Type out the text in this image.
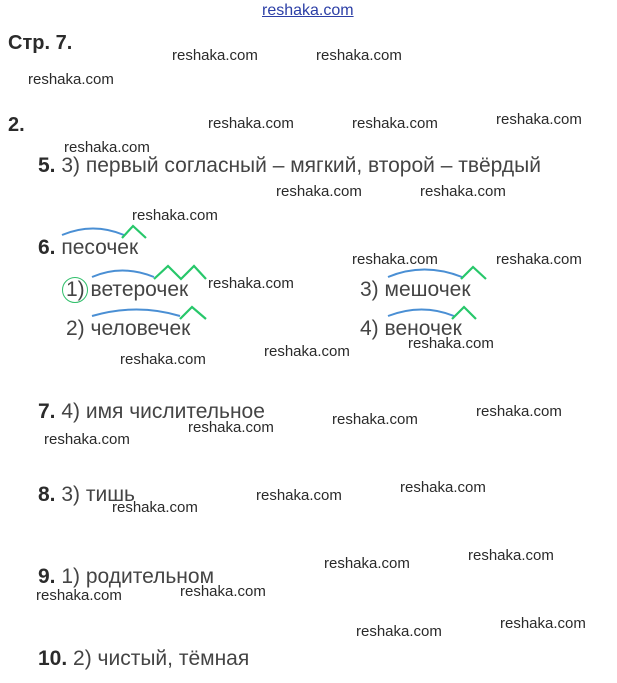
reshaka.com
Стр. 7.
2.
5. 3) первый согласный – мягкий, второй – твёрдый
6. песочек
1) ветерочек
2) человечек
3) мешочек
4) веночек
7. 4) имя числительное
8. 3) тишь
9. 1) родительном
10. 2) чистый, тёмная
reshaka.com	reshaka.com
reshaka.com
reshaka.com	reshaka.com	reshaka.com
reshaka.com
reshaka.com	reshaka.com
reshaka.com
reshaka.com	reshaka.com
reshaka.com
reshaka.com
reshaka.com
reshaka.com
reshaka.com
reshaka.com
reshaka.com
reshaka.com
reshaka.com
reshaka.com
reshaka.com
reshaka.com
reshaka.com
reshaka.com
reshaka.com
reshaka.com
reshaka.com
